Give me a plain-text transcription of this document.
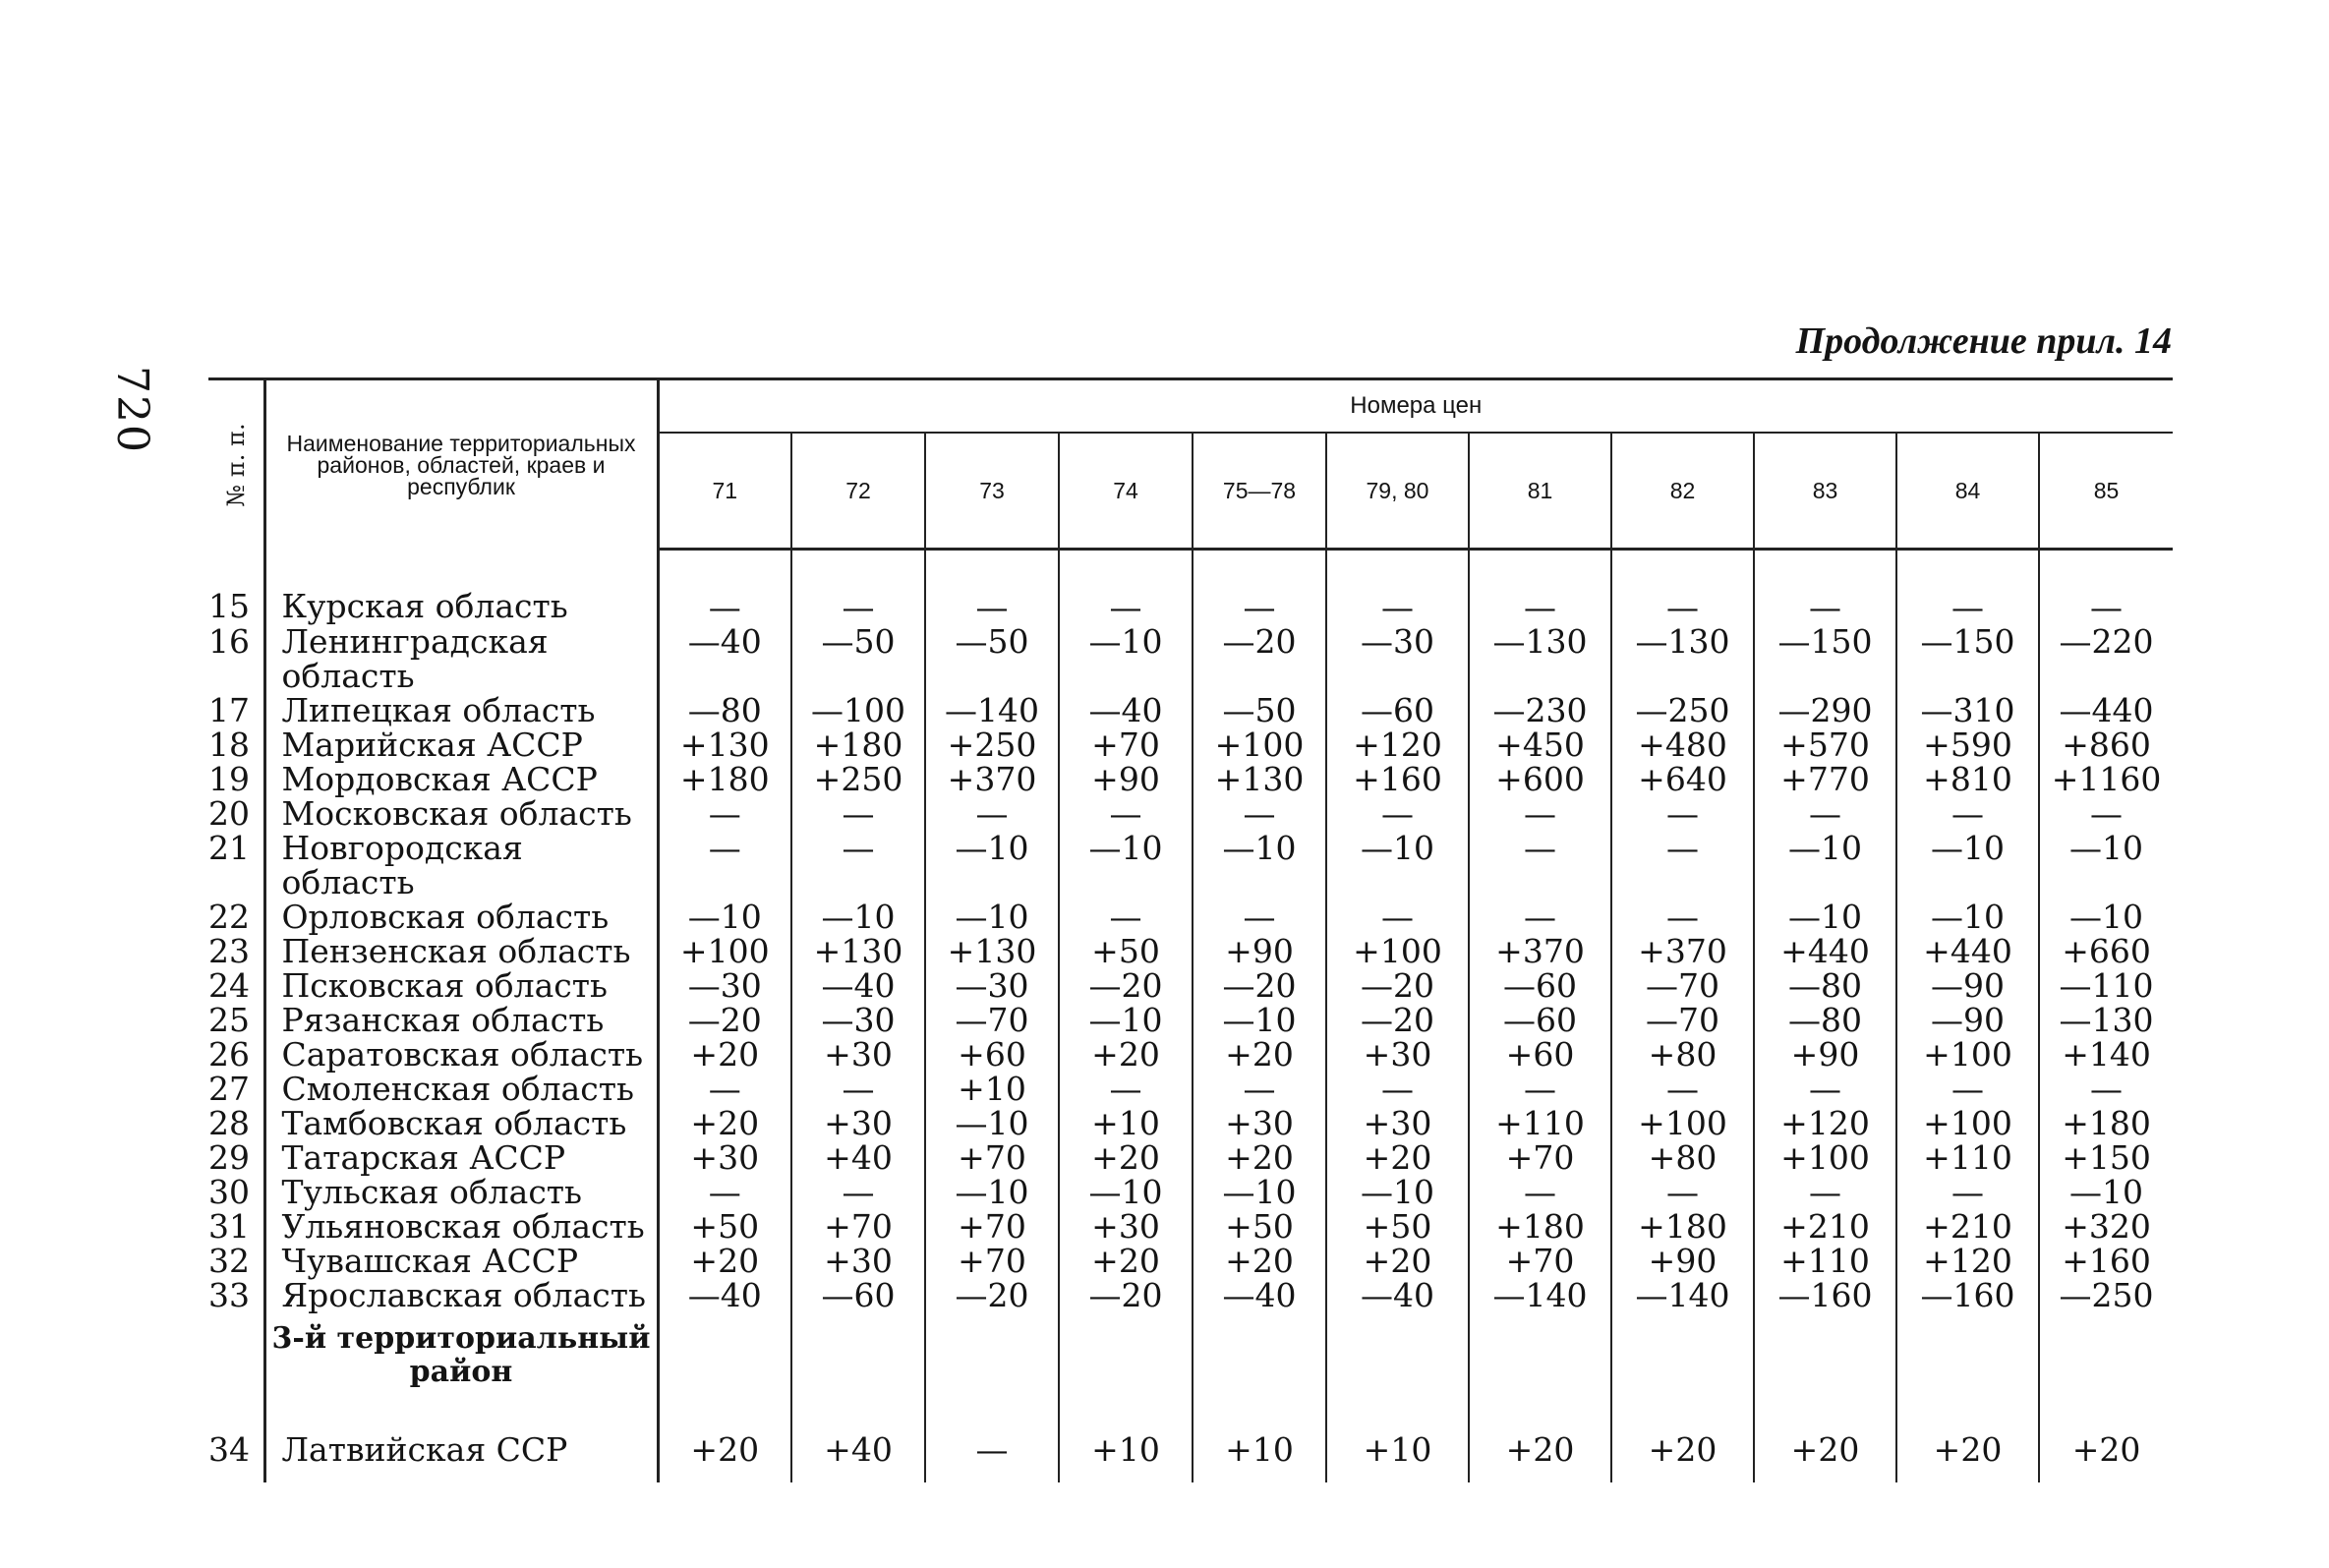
720
Продолжение прил. 14
№ п. п.	Наименование территориальных районов, областей, краев и республик	Номера цен										
		71	72	73	74	75—78	79, 80	81	82	83	84	85
15	Курская область	—	—	—	—	—	—	—	—	—	—	—
16	Ленинградская область	—40	—50	—50	—10	—20	—30	—130	—130	—150	—150	—220
17	Липецкая область	—80	—100	—140	—40	—50	—60	—230	—250	—290	—310	—440
18	Марийская АССР	+130	+180	+250	+70	+100	+120	+450	+480	+570	+590	+860
19	Мордовская АССР	+180	+250	+370	+90	+130	+160	+600	+640	+770	+810	+1160
20	Московская область	—	—	—	—	—	—	—	—	—	—	—
21	Новгородская область	—	—	—10	—10	—10	—10	—	—	—10	—10	—10
22	Орловская область	—10	—10	—10	—	—	—	—	—	—10	—10	—10
23	Пензенская область	+100	+130	+130	+50	+90	+100	+370	+370	+440	+440	+660
24	Псковская область	—30	—40	—30	—20	—20	—20	—60	—70	—80	—90	—110
25	Рязанская область	—20	—30	—70	—10	—10	—20	—60	—70	—80	—90	—130
26	Саратовская область	+20	+30	+60	+20	+20	+30	+60	+80	+90	+100	+140
27	Смоленская область	—	—	+10	—	—	—	—	—	—	—	—
28	Тамбовская область	+20	+30	—10	+10	+30	+30	+110	+100	+120	+100	+180
29	Татарская АССР	+30	+40	+70	+20	+20	+20	+70	+80	+100	+110	+150
30	Тульская область	—	—	—10	—10	—10	—10	—	—	—	—	—10
31	Ульяновская область	+50	+70	+70	+30	+50	+50	+180	+180	+210	+210	+320
32	Чувашская АССР	+20	+30	+70	+20	+20	+20	+70	+90	+110	+120	+160
33	Ярославская область	—40	—60	—20	—20	—40	—40	—140	—140	—160	—160	—250
	3-й территориальный район											
34	Латвийская ССР	+20	+40	—	+10	+10	+10	+20	+20	+20	+20	+20
